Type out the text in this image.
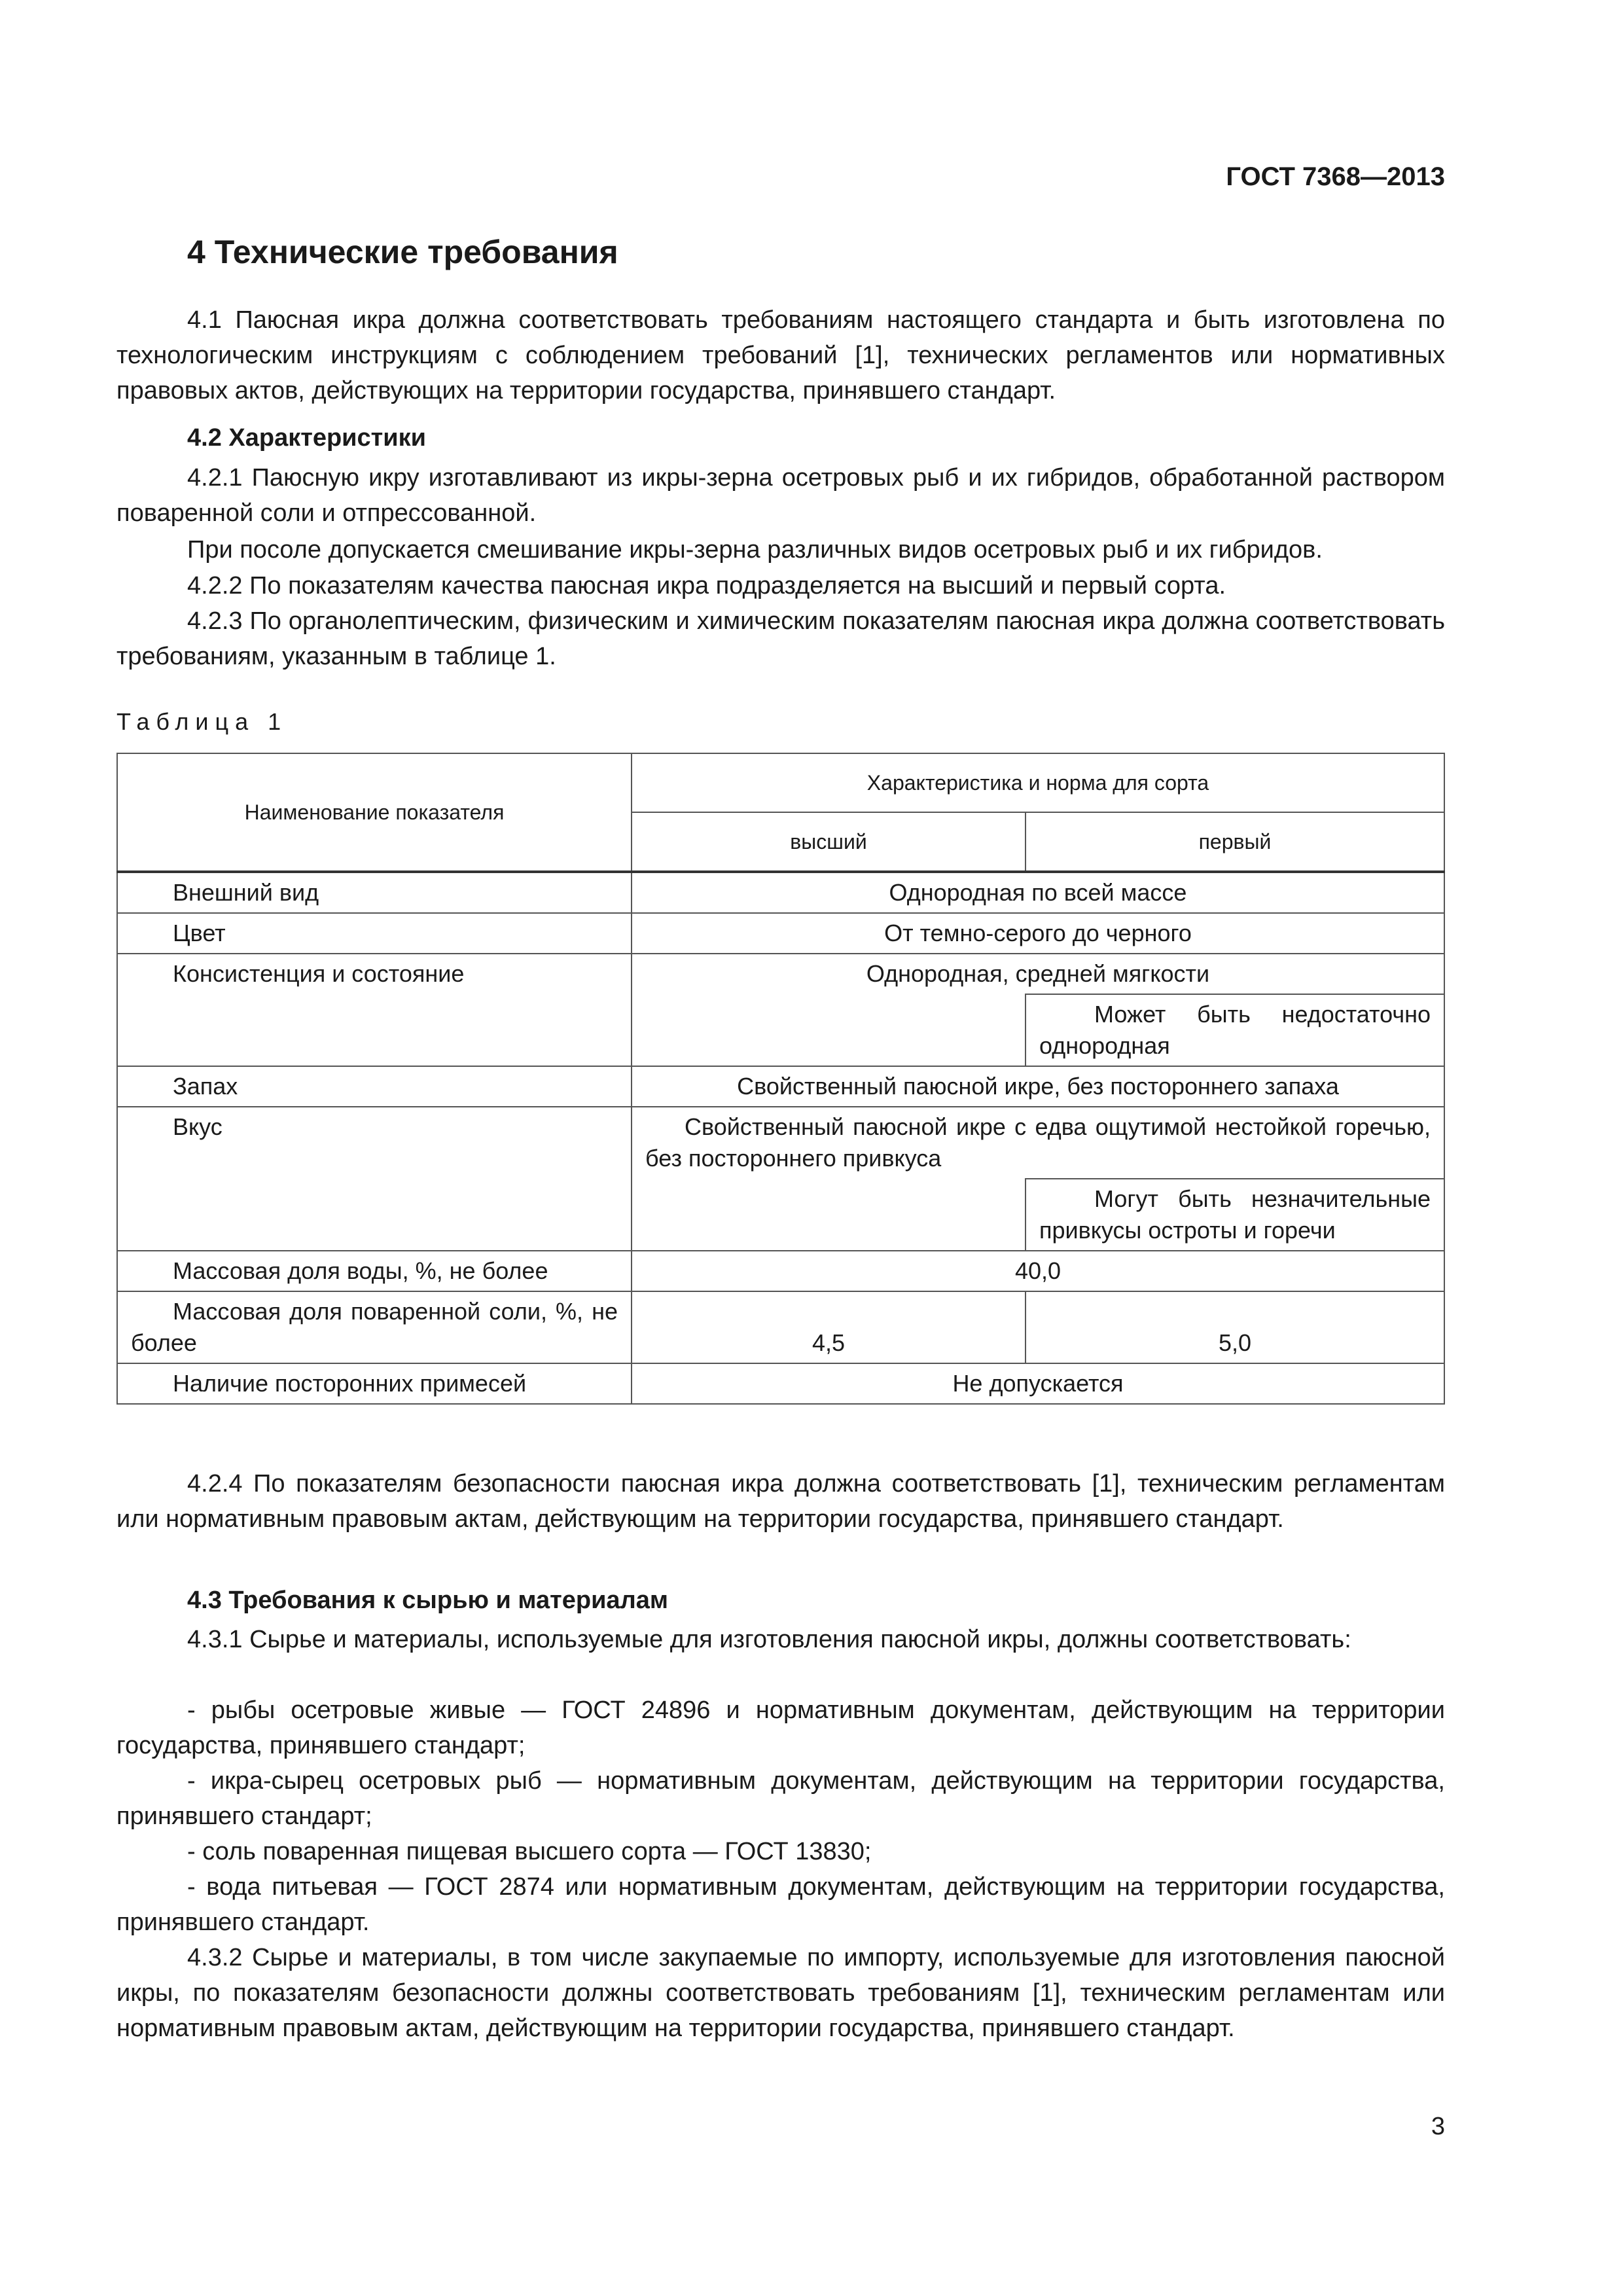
ГОСТ 7368—2013
4 Технические требования

4.1 Паюсная икра должна соответствовать требованиям настоящего стандарта и быть изготовлена по технологическим инструкциям с соблюдением требований [1], технических регламентов или нормативных правовых актов, действующих на территории государства, принявшего стандарт.

4.2 Характеристики

4.2.1 Паюсную икру изготавливают из икры-зерна осетровых рыб и их гибридов, обработанной раствором поваренной соли и отпрессованной.

При посоле допускается смешивание икры-зерна различных видов осетровых рыб и их гибридов.

4.2.2 По показателям качества паюсная икра подразделяется на высший и первый сорта.

4.2.3 По органолептическим, физическим и химическим показателям паюсная икра должна соответствовать требованиям, указанным в таблице 1.

Таблица 1
Наименование показателя	Характеристика и норма для сорта	
	высший	первый
Внешний вид	Однородная по всей массе	
Цвет	От темно-серого до черного	
Консистенция и состояние	Однородная, средней мягкости	
		Может быть недостаточно однородная
Запах	Свойственный паюсной икре, без постороннего запаха	
Вкус	Свойственный паюсной икре с едва ощутимой нестойкой горечью, без постороннего привкуса	
		Могут быть незначительные привкусы остроты и горечи
Массовая доля воды, %, не более	40,0	
Массовая доля поваренной соли, %, не более	4,5	5,0
Наличие посторонних примесей	Не допускается	

4.2.4 По показателям безопасности паюсная икра должна соответствовать [1], техническим регламентам или нормативным правовым актам, действующим на территории государства, принявшего стандарт.

4.3 Требования к сырью и материалам

4.3.1 Сырье и материалы, используемые для изготовления паюсной икры, должны соответствовать:

- рыбы осетровые живые — ГОСТ 24896 и нормативным документам, действующим на территории государства, принявшего стандарт;

- икра-сырец осетровых рыб — нормативным документам, действующим на территории государства, принявшего стандарт;

- соль поваренная пищевая высшего сорта — ГОСТ 13830;

- вода питьевая — ГОСТ 2874 или нормативным документам, действующим на территории государства, принявшего стандарт.

4.3.2 Сырье и материалы, в том числе закупаемые по импорту, используемые для изготовления паюсной икры, по показателям безопасности должны соответствовать требованиям [1], техническим регламентам или нормативным правовым актам, действующим на территории государства, принявшего стандарт.

3
